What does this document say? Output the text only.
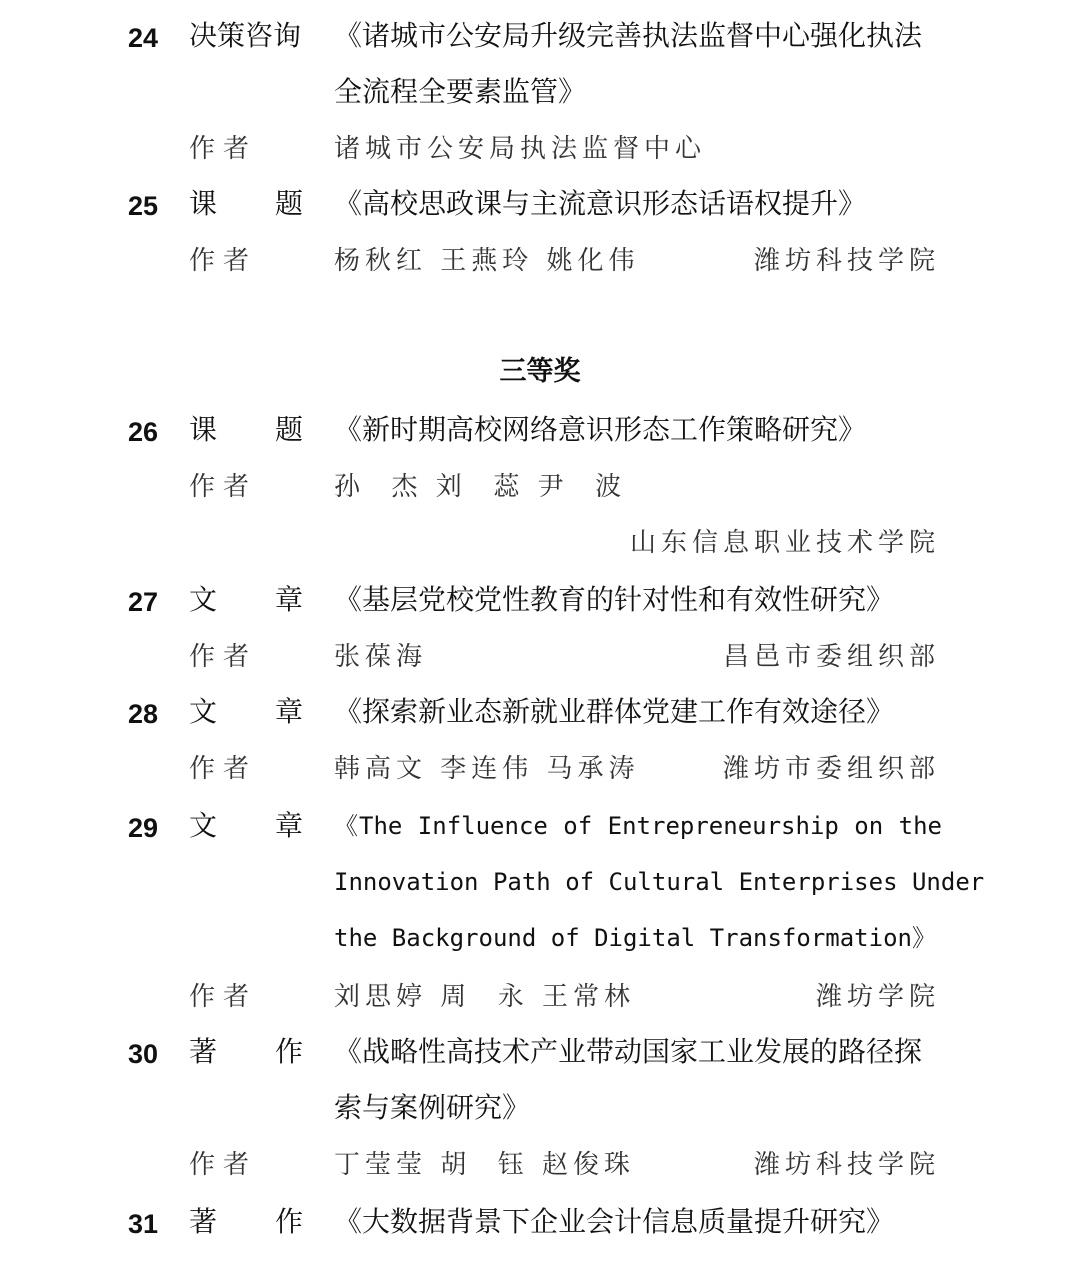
24	决策咨询 《诸城市公安局升级完善执法监督中心强化执法
全流程全要素监管》
作者	诸城市公安局执法监督中心
25	课题 《高校思政课与主流意识形态话语权提升》
作者	杨秋红 王燕玲 姚化伟	潍坊科技学院
三等奖
26	课题 《新时期高校网络意识形态工作策略研究》
作者	孙  杰 刘  蕊 尹  波
山东信息职业技术学院
27	文章 《基层党校党性教育的针对性和有效性研究》
作者	张葆海	昌邑市委组织部
28	文章 《探索新业态新就业群体党建工作有效途径》
作者	韩高文 李连伟 马承涛	潍坊市委组织部
29	文章 《The Influence of Entrepreneurship on the
Innovation Path of Cultural Enterprises Under
the Background of Digital Transformation》
作者	刘思婷 周  永 王常林	潍坊学院
30	著作 《战略性高技术产业带动国家工业发展的路径探
索与案例研究》
作者	丁莹莹 胡  钰 赵俊珠	潍坊科技学院
31	著作 《大数据背景下企业会计信息质量提升研究》
